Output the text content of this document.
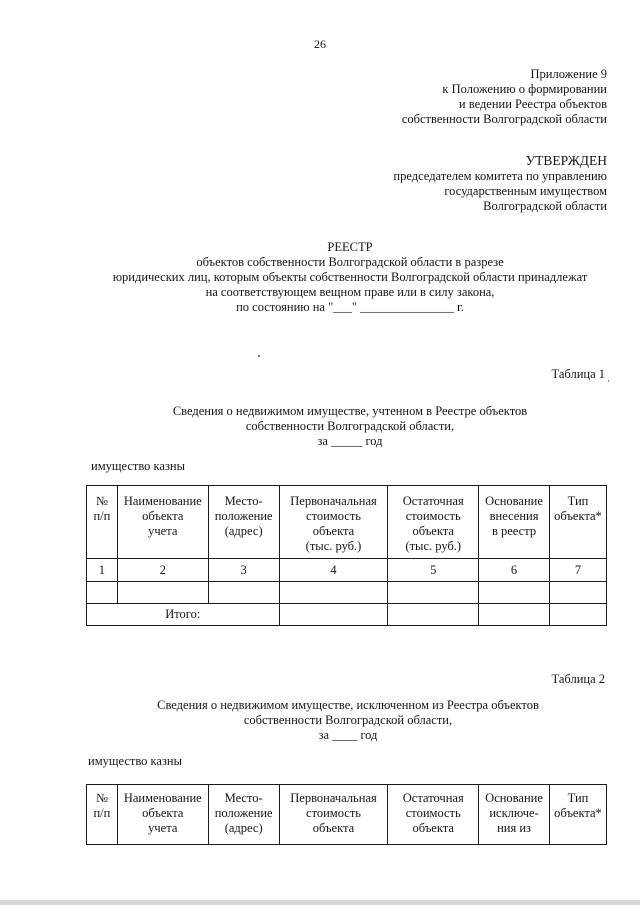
26
Приложение 9
к Положению о формировании
и ведении Реестра объектов
собственности Волгоградской области
УТВЕРЖДЕН
председателем комитета по управлению
государственным имуществом
Волгоградской области
РЕЕСТР
объектов собственности Волгоградской области в разрезе
юридических лиц, которым объекты собственности Волгоградской области принадлежат
на соответствующем вещном праве или в силу закона,
по состоянию на "___" _______________ г.
Таблица 1
Сведения о недвижимом имуществе, учтенном в Реестре объектов
собственности Волгоградской области,
за _____ год
имущество казны
№
п/п	Наименование
объекта
учета	Место-
положение
(адрес)	Первоначальная
стоимость
объекта
(тыс. руб.)	Остаточная
стоимость
объекта
(тыс. руб.)	Основание
внесения
в реестр	Тип
объекта*
1	2	3	4	5	6	7

Итого:						
Таблица 2
Сведения о недвижимом имуществе, исключенном из Реестра объектов
собственности Волгоградской области,
за ____ год
имущество казны
№
п/п	Наименование
объекта
учета	Место-
положение
(адрес)	Первоначальная
стоимость
объекта	Остаточная
стоимость
объекта	Основание
исключе-
ния из	Тип
объекта*
